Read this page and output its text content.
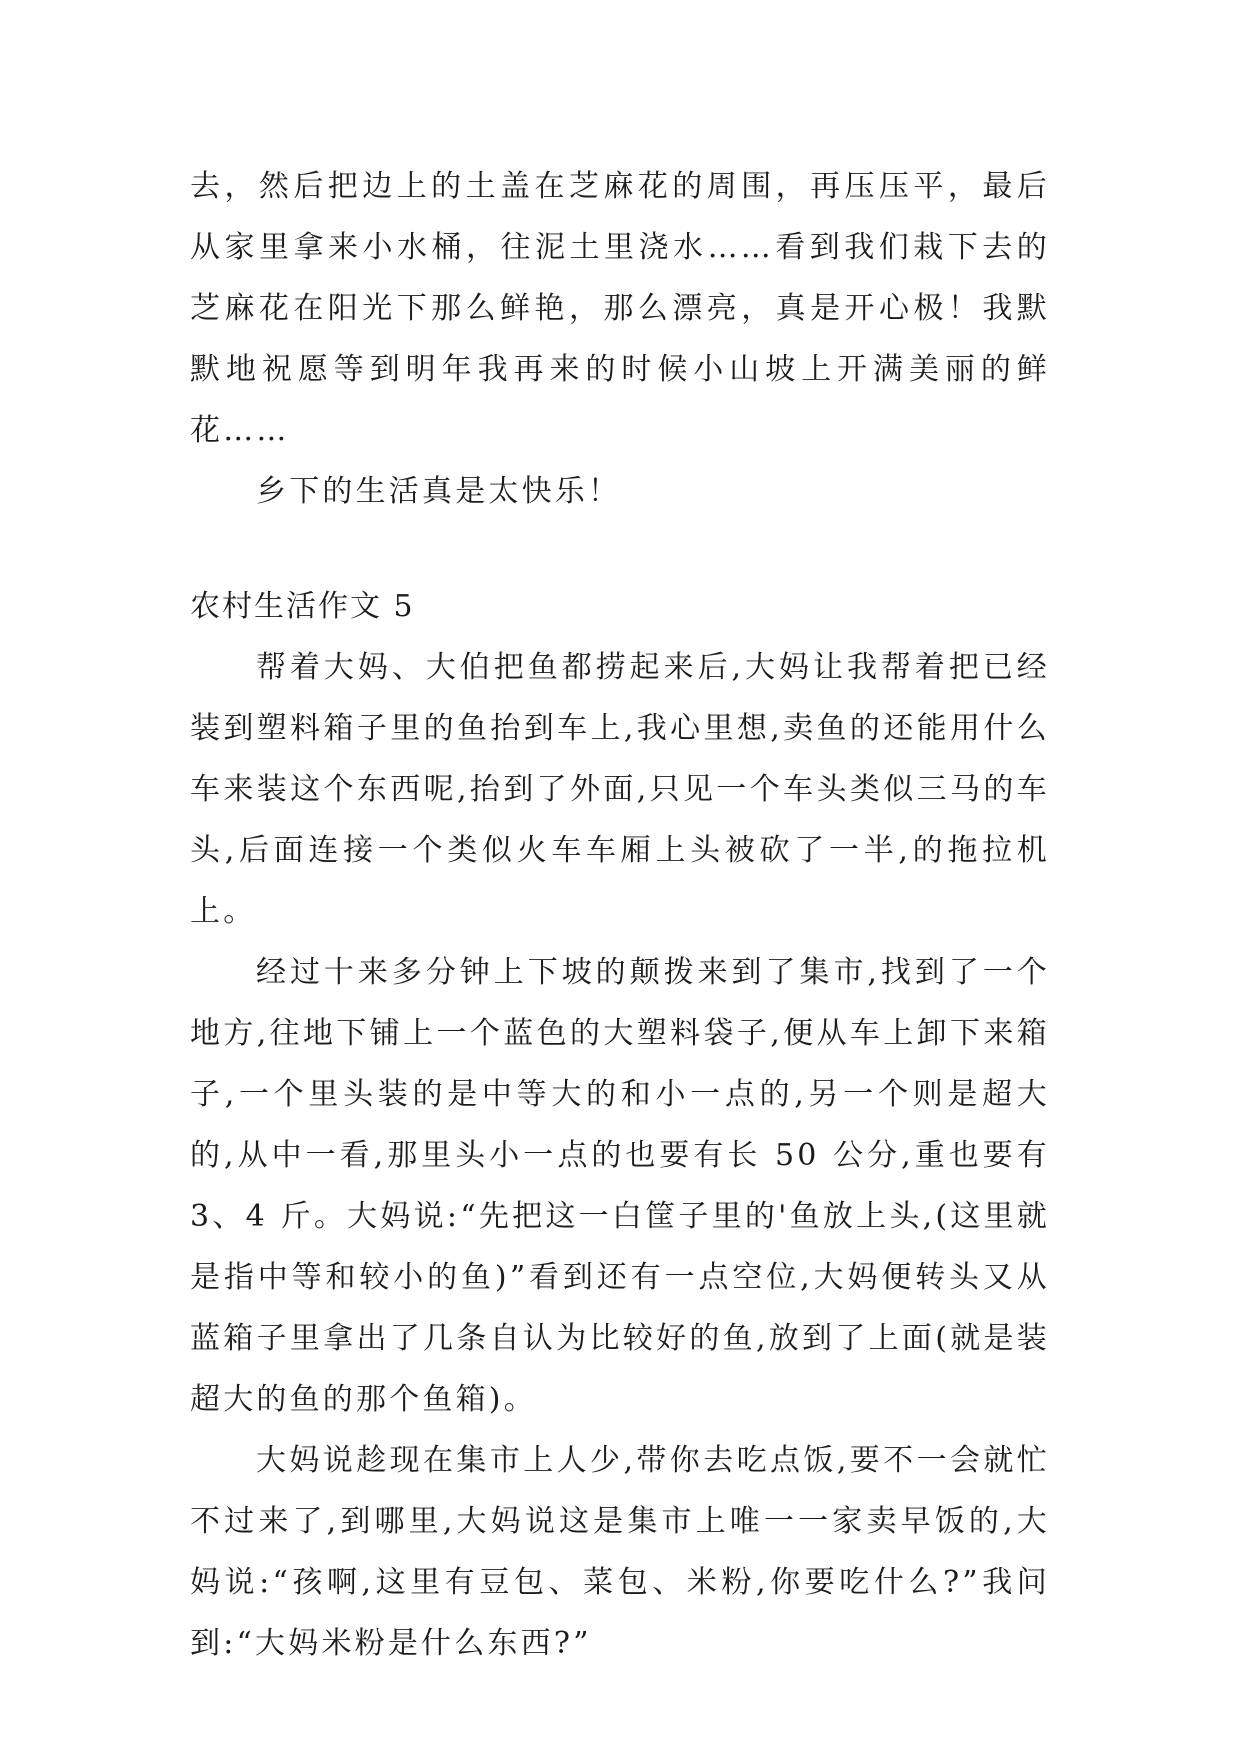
去，然后把边上的土盖在芝麻花的周围，再压压平，最后从家里拿来小水桶，往泥土里浇水……看到我们栽下去的芝麻花在阳光下那么鲜艳，那么漂亮，真是开心极！我默默地祝愿等到明年我再来的时候小山坡上开满美丽的鲜花……

乡下的生活真是太快乐！

农村生活作文 5

帮着大妈、大伯把鱼都捞起来后,大妈让我帮着把已经装到塑料箱子里的鱼抬到车上,我心里想,卖鱼的还能用什么车来装这个东西呢,抬到了外面,只见一个车头类似三马的车头,后面连接一个类似火车车厢上头被砍了一半,的拖拉机上。

经过十来多分钟上下坡的颠拨来到了集市,找到了一个地方,往地下铺上一个蓝色的大塑料袋子,便从车上卸下来箱子,一个里头装的是中等大的和小一点的,另一个则是超大的,从中一看,那里头小一点的也要有长 50 公分,重也要有 3、4 斤。大妈说:“先把这一白筐子里的'鱼放上头,(这里就是指中等和较小的鱼)”看到还有一点空位,大妈便转头又从蓝箱子里拿出了几条自认为比较好的鱼,放到了上面(就是装超大的鱼的那个鱼箱)。

大妈说趁现在集市上人少,带你去吃点饭,要不一会就忙不过来了,到哪里,大妈说这是集市上唯一一家卖早饭的,大妈说:“孩啊,这里有豆包、菜包、米粉,你要吃什么?”我问到:“大妈米粉是什么东西?”
